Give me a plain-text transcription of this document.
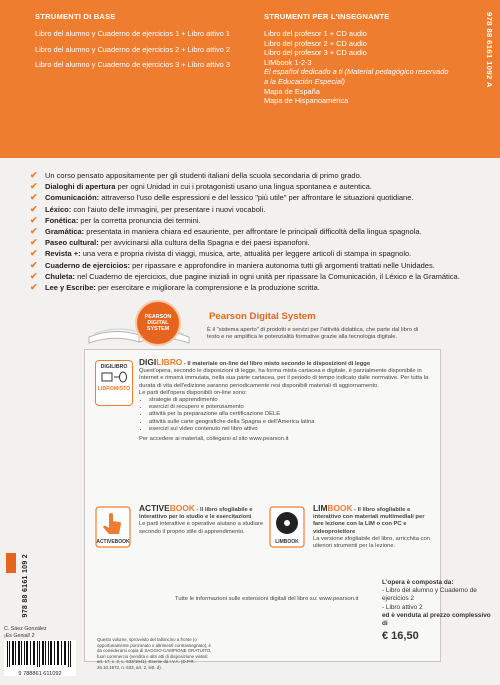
STRUMENTI DI BASE
Libro del alumno y Cuaderno de ejercicios 1 + Libro attivo 1
Libro del alumno y Cuaderno de ejercicios 2 + Libro attivo 2
Libro del alumno y Cuaderno de ejercicios 3 + Libro attivo 3
STRUMENTI PER L'INSEGNANTE
Libro del profesor 1 + CD audio
Libro del profesor 2 + CD audio
Libro del profesor 3 + CD audio
LIMbook 1-2-3
El español dedicado a ti (Material pedagógico reservado a la Educación Especial)
Mapa de España
Mapa de Hispanoamérica
978 88 6161 1092 A
✔ Un corso pensato appositamente per gli studenti italiani della scuola secondaria di primo grado.
✔ Dialoghi di apertura per ogni Unidad in cui i protagonisti usano una lingua spontanea e autentica.
✔ Comunicación: attraverso l'uso delle espressioni e del lessico "più utile" per affrontare le situazioni quotidiane.
✔ Léxico: con l'aiuto delle immagini, per presentare i nuovi vocaboli.
✔ Fonética: per la corretta pronuncia dei termini.
✔ Gramática: presentata in maniera chiara ed esauriente, per affrontare le principali difficoltà della lingua spagnola.
✔ Paseo cultural: per avvicinarsi alla cultura della Spagna e dei paesi ispanofoni.
✔ Revista +: una vera e propria rivista di viaggi, musica, arte, attualità per leggere articoli di stampa in spagnolo.
✔ Cuaderno de ejercicios: per ripassare e approfondire in maniera autonoma tutti gli argomenti trattati nelle Unidades.
✔ Chuleta: nel Cuaderno de ejercicios, due pagine iniziali in ogni unità per ripassare la Comunicación, il Léxico e la Gramática.
✔ Lee y Escribe: per esercitare e migliorare la comprensione e la produzione scritta.
PEARSON DIGITAL SYSTEM
Pearson Digital System
È il "sistema aperto" di prodotti e servizi per l'attività didattica, che parte dal libro di testo e ne amplifica le potenzialità formative grazie alla tecnologia digitale.
DIGILIBRO
LIBROMISTO
DIGILIBRO - Il materiale on-line del libro misto secondo le disposizioni di legge
Quest'opera, secondo le disposizioni di legge, ha forma mista cartacea e digitale, è parzialmente disponibile in Internet e rimarrà immutata, nella sua parte cartacea, per il periodo di tempo indicato dalle normative. Per tutta la durata di vita dell'edizione saranno periodicamente resi disponibili materiali di aggiornamento.
Le parti dell'opera disponibili on-line sono:
• strategie di apprendimento
• esercizi di recupero e potenziamento
• attività per la preparazione alla certificazione DELE
• attività sulle carte geografiche della Spagna e dell'America latina
• esercizi sul video contenuto nel libro attivo
Per accedere ai materiali, collegarsi al sito www.pearson.it
ACTIVEBOOK
ACTIVEBOOK - Il libro sfogliabile e interattivo per lo studio e le esercitazioni
Le parti interattive e operative aiutano a studiare secondo il proprio stile di apprendimento.
LIMBOOK
LIMBOOK - Il libro sfogliabile e interattivo con materiali multimediali per fare lezione con la LIM o con PC e videoproiettore
La versione sfogliabile del libro, arricchita con ulteriori strumenti per la lezione.
Tutte le informazioni sulle estensioni digitali del libro su: www.pearson.it
978 88 6161 109 2
C. Sáez González
¡Es Genial! 2
9 788861 611092
Questo volume, sprovvisto del talloncino a fronte (o opportunamente punzonato o altrimenti contrassegnato), è da considerarsi copia di SAGGIO-CAMPIONE GRATUITO, fuori commercio (vendita e altri atti di disposizione vietati: art. 17, c. 2, L. 633/1941). Esente da I.V.A. (D.P.R. 26.10.1972, n. 633, art. 2, lett. d).
L'opera è composta da:
- Libro del alumno y Cuaderno de ejercicios 2
- Libro attivo 2
ed è venduta al prezzo complessivo di
€ 16,50
